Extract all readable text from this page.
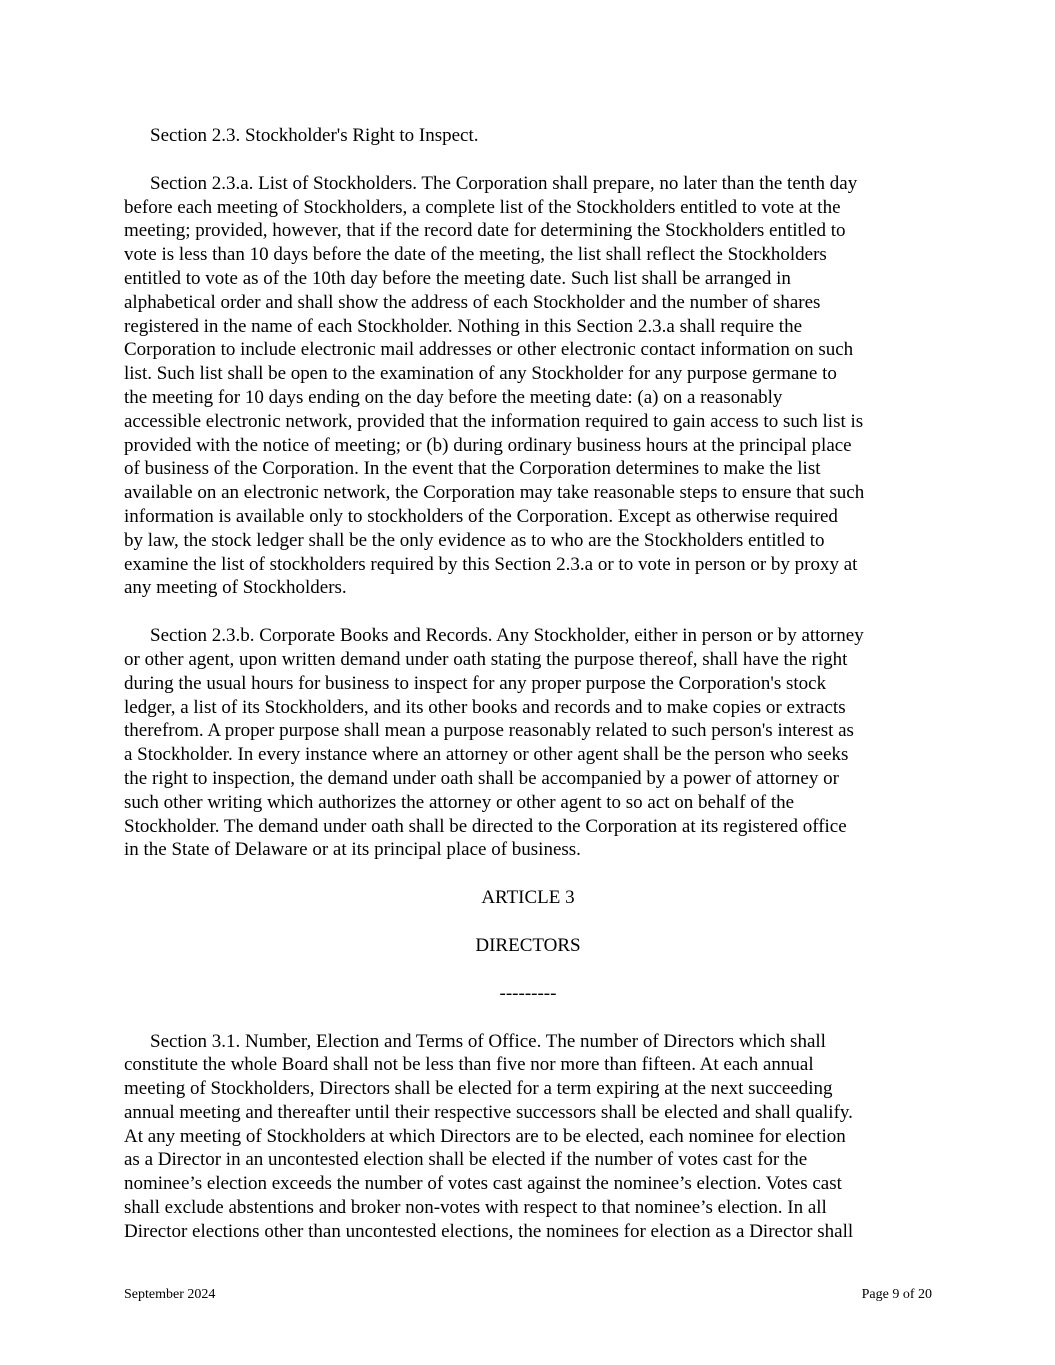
Section 2.3. Stockholder's Right to Inspect.

Section 2.3.a. List of Stockholders. The Corporation shall prepare, no later than the tenth day
before each meeting of Stockholders, a complete list of the Stockholders entitled to vote at the
meeting; provided, however, that if the record date for determining the Stockholders entitled to
vote is less than 10 days before the date of the meeting, the list shall reflect the Stockholders
entitled to vote as of the 10th day before the meeting date. Such list shall be arranged in
alphabetical order and shall show the address of each Stockholder and the number of shares
registered in the name of each Stockholder. Nothing in this Section 2.3.a shall require the
Corporation to include electronic mail addresses or other electronic contact information on such
list. Such list shall be open to the examination of any Stockholder for any purpose germane to
the meeting for 10 days ending on the day before the meeting date: (a) on a reasonably
accessible electronic network, provided that the information required to gain access to such list is
provided with the notice of meeting; or (b) during ordinary business hours at the principal place
of business of the Corporation. In the event that the Corporation determines to make the list
available on an electronic network, the Corporation may take reasonable steps to ensure that such
information is available only to stockholders of the Corporation. Except as otherwise required
by law, the stock ledger shall be the only evidence as to who are the Stockholders entitled to
examine the list of stockholders required by this Section 2.3.a or to vote in person or by proxy at
any meeting of Stockholders.

Section 2.3.b. Corporate Books and Records. Any Stockholder, either in person or by attorney
or other agent, upon written demand under oath stating the purpose thereof, shall have the right
during the usual hours for business to inspect for any proper purpose the Corporation's stock
ledger, a list of its Stockholders, and its other books and records and to make copies or extracts
therefrom. A proper purpose shall mean a purpose reasonably related to such person's interest as
a Stockholder. In every instance where an attorney or other agent shall be the person who seeks
the right to inspection, the demand under oath shall be accompanied by a power of attorney or
such other writing which authorizes the attorney or other agent to so act on behalf of the
Stockholder. The demand under oath shall be directed to the Corporation at its registered office
in the State of Delaware or at its principal place of business.

ARTICLE 3

DIRECTORS

---------

Section 3.1. Number, Election and Terms of Office. The number of Directors which shall
constitute the whole Board shall not be less than five nor more than fifteen. At each annual
meeting of Stockholders, Directors shall be elected for a term expiring at the next succeeding
annual meeting and thereafter until their respective successors shall be elected and shall qualify.
At any meeting of Stockholders at which Directors are to be elected, each nominee for election
as a Director in an uncontested election shall be elected if the number of votes cast for the
nominee’s election exceeds the number of votes cast against the nominee’s election. Votes cast
shall exclude abstentions and broker non-votes with respect to that nominee’s election. In all
Director elections other than uncontested elections, the nominees for election as a Director shall

September 2024	Page 9 of 20
